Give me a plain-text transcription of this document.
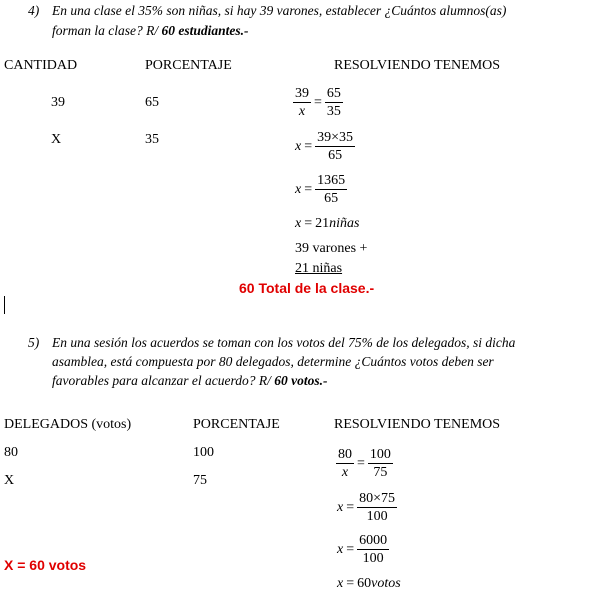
4) En una clase el 35% son niñas, si hay 39 varones, establecer ¿Cuántos alumnos(as)
forman la clase? R/ 60 estudiantes.-
CANTIDAD	PORCENTAJE	RESOLVIENDO TENEMOS
39	65
X	35
$\frac{39}{x} = \frac{65}{35}$
$x = \frac{39\times 35}{65}$
$x = \frac{1365}{65}$
x = 21niñas
39 varones +
21 niñas
60 Total de la clase.-
5) En una sesión los acuerdos se toman con los votos del 75% de los delegados, si dicha
asamblea, está compuesta por 80 delegados, determine ¿Cuántos votos deben ser
favorables para alcanzar el acuerdo? R/ 60 votos.-
DELEGADOS (votos)	PORCENTAJE	RESOLVIENDO TENEMOS
80	100
X	75	$\frac{80}{x} = \frac{100}{75}$
$x = \frac{80\times 75}{100}$
$x = \frac{6000}{100}$
x = 60votos
X = 60 votos
